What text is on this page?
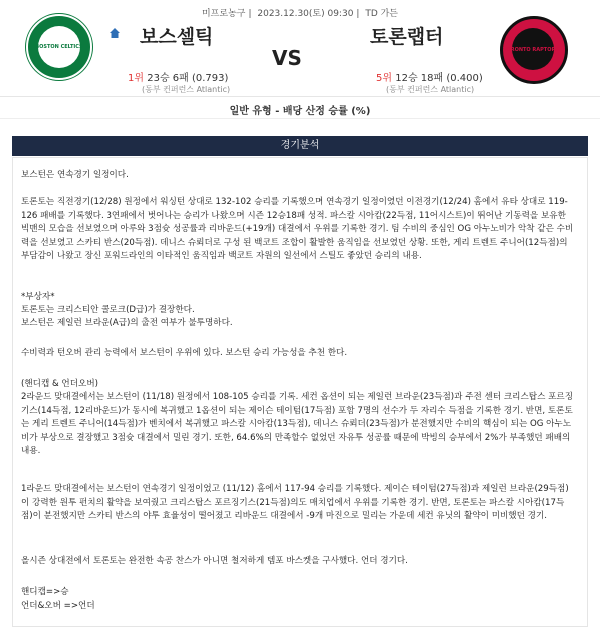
미프로농구 | 2023.12.30(토) 09:30 | TD 가든
BOSTON CELTICS	보스셀틱
VS
토론랩터
TORONTO RAPTORS
1위 23승 6패 (0.793)	5위 12승 18패 (0.400)
(동부 컨퍼런스 Atlantic)	(동부 컨퍼런스 Atlantic)
일반 유형 - 배당 산정 승률 (%)
경기분석

보스턴은 연속경기 일정이다.

토론토는 직전경기(12/28) 원정에서 워싱턴 상대로 132-102 승리를 기록했으며 연속경기 일정이였던 이전경기(12/24) 홈에서 유타 상대로 119-126 패배를 기록했다. 3연패에서 벗어나는 승리가 나왔으며 시즌 12승18패 성적. 파스칼 시아캄(22득점, 11어시스트)이 뛰어난 기동력을 보유한 빅맨의 모습을 선보였으며 아루와 3점슛 성공률과 리바운드(+19개) 대결에서 우위를 기록한 경기. 팀 수비의 중심인 OG 아누노비가 악착 같은 수비력을 선보였고 스카티 반스(20득점). 데니스 슈뢰더로 구성 된 백코트 조합이 활발한 움직임을 선보였던 상황. 또한, 게리 트렌트 주니어(12득점)의 부담감이 나왔고 장신 포워드라인의 이타적인 움직임과 백코트 자원의 일선에서 스틸도 좋았던 승리의 내용.

*부상자*

토론토는 크리스티안 콜로크(D급)가 결장한다.

보스턴은 제일런 브라운(A급)의 출전 여부가 불투명하다.

수비력과 턴오버 관리 능력에서 보스턴이 우위에 있다. 보스턴 승리 가능성을 추천 한다.

(핸디캡 & 언더오버)

2라운드 맞대결에서는 보스턴이 (11/18) 원정에서 108-105 승리를 기록. 세컨 옵션이 되는 제일런 브라운(23득점)과 주전 센터 크리스탑스 포르징기스(14득점, 12리바운드)가 동시에 복귀했고 1옵션이 되는 제이슨 테이텀(17득점) 포함 7명의 선수가 두 자리수 득점을 기록한 경기. 반면, 토론토는 게리 트렌트 주니어(14득점)가 벤치에서 복귀했고 파스칼 시아캄(13득점), 데니스 슈뢰더(23득점)가 분전했지만 수비의 핵심이 되는 OG 아누노비가 부상으로 결장했고 3점슛 대결에서 밀린 경기. 또한, 64.6%의 만족할수 없었던 자유투 성공률 때문에 박빙의 승부에서 2%가 부족했던 패배의 내용.

1라운드 맞대결에서는 보스턴이 연속경기 일정이었고 (11/12) 홈에서 117-94 승리를 기록했다. 제이슨 테이텀(27득점)과 제일런 브라운(29득점)이 강력한 원투 펀치의 활약을 보여줬고 크리스탑스 포르징기스(21득점)의도 매치업에서 우위를 기록한 경기. 반면, 토론토는 파스칼 시아캄(17득점)이 분전했지만 스카티 반스의 야투 효율성이 떨어졌고 리바운드 대결에서 -9개 마진으로 밀리는 가운데 세컨 유닛의 활약이 미비했던 경기.

올시즌 상대전에서 토론토는 완전한 속공 찬스가 아니면 철저하게 템포 바스켓을 구사했다. 언더 경기다.

핸디캡=>승

언더&오버 =>언더
